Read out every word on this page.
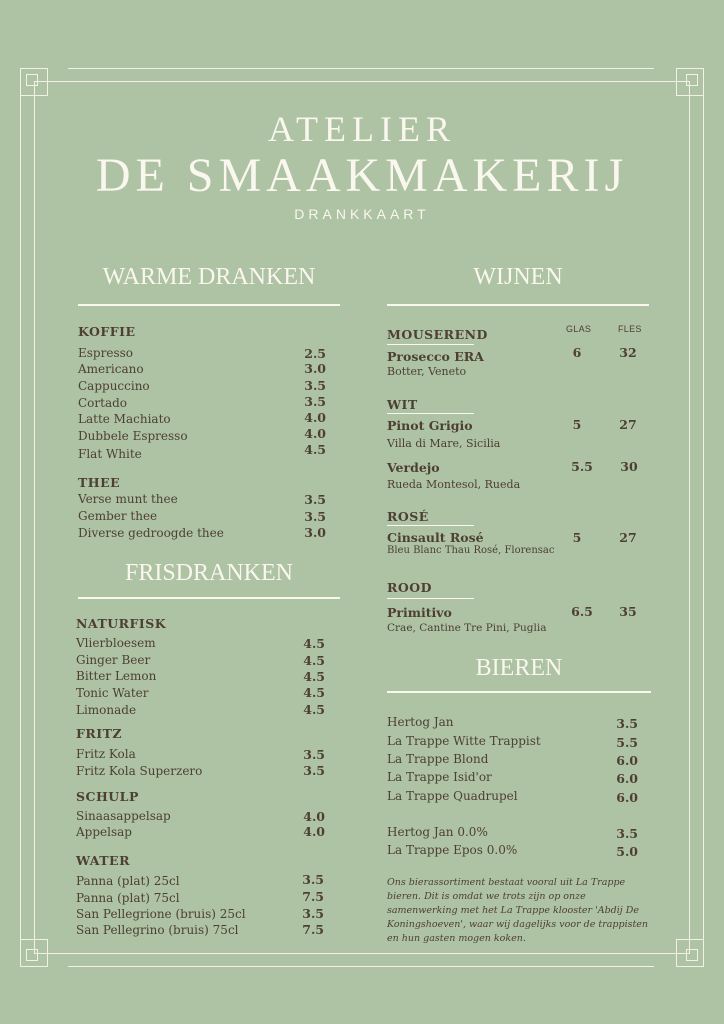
ATELIER
DE SMAAKMAKERIJ
DRANKKAART
WARME DRANKEN
KOFFIE
Espresso	2.5
Americano	3.0
Cappuccino	3.5
Cortado	3.5
Latte Machiato	4.0
Dubbele Espresso	4.0
Flat White	4.5
THEE
Verse munt thee	3.5
Gember thee	3.5
Diverse gedroogde thee	3.0
FRISDRANKEN
NATURFISK
Vlierbloesem	4.5
Ginger Beer	4.5
Bitter Lemon	4.5
Tonic Water	4.5
Limonade	4.5
FRITZ
Fritz Kola	3.5
Fritz Kola Superzero	3.5
SCHULP
Sinaasappelsap	4.0
Appelsap	4.0
WATER
Panna (plat) 25cl	3.5
Panna (plat) 75cl	7.5
San Pellegrione (bruis) 25cl	3.5
San Pellegrino (bruis) 75cl	7.5
WIJNEN
GLAS	FLES
MOUSEREND
Prosecco ERA
Botter, Veneto
6	32
WIT
Pinot Grigio
Villa di Mare, Sicilia
5	27
Verdejo
Rueda Montesol, Rueda
5.5	30
ROSÉ
Cinsault Rosé
Bleu Blanc Thau Rosé, Florensac
5	27
ROOD
Primitivo
Crae, Cantine Tre Pini, Puglia
6.5	35
BIEREN
Hertog Jan	3.5
La Trappe Witte Trappist	5.5
La Trappe Blond	6.0
La Trappe Isid'or	6.0
La Trappe Quadrupel	6.0
Hertog Jan 0.0%	3.5
La Trappe Epos 0.0%	5.0
Ons bierassortiment bestaat vooral uit La Trappe bieren. Dit is omdat we trots zijn op onze samenwerking met het La Trappe klooster 'Abdij De Koningshoeven', waar wij dagelijks voor de trappisten en hun gasten mogen koken.
